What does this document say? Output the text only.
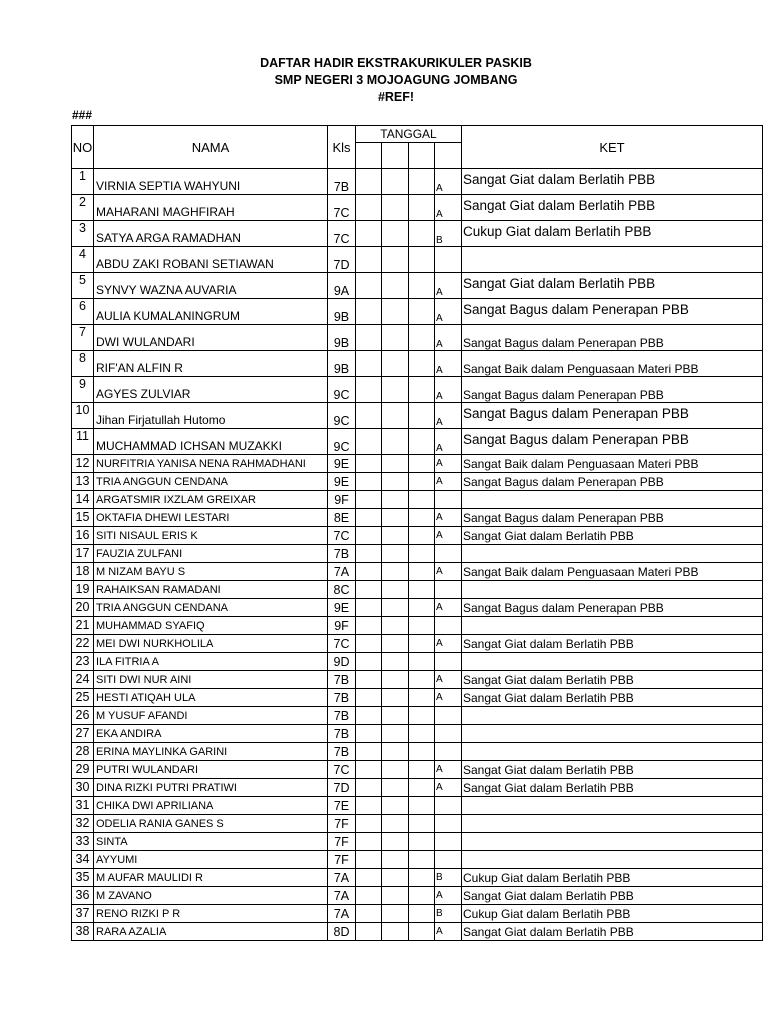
DAFTAR HADIR EKSTRAKURIKULER PASKIB
SMP NEGERI 3 MOJOAGUNG JOMBANG
#REF!
###
NO	NAMA	Kls	TANGGAL				KET

1	VIRNIA SEPTIA WAHYUNI	7B				A	Sangat Giat dalam Berlatih PBB
2	MAHARANI MAGHFIRAH	7C				A	Sangat Giat dalam Berlatih PBB
3	SATYA ARGA RAMADHAN	7C				B	Cukup Giat dalam Berlatih PBB
4	ABDU ZAKI ROBANI SETIAWAN	7D					
5	SYNVY WAZNA AUVARIA	9A				A	Sangat Giat dalam Berlatih PBB
6	AULIA KUMALANINGRUM	9B				A	Sangat Bagus dalam Penerapan PBB
7	DWI WULANDARI	9B				A	Sangat Bagus dalam Penerapan PBB
8	RIF'AN ALFIN R	9B				A	Sangat Baik dalam Penguasaan Materi PBB
9	AGYES ZULVIAR	9C				A	Sangat Bagus dalam Penerapan PBB
10	Jihan Firjatullah Hutomo	9C				A	Sangat Bagus dalam Penerapan PBB
11	MUCHAMMAD ICHSAN MUZAKKI	9C				A	Sangat Bagus dalam Penerapan PBB
12	NURFITRIA YANISA NENA RAHMADHANI	9E				A	Sangat Baik dalam Penguasaan Materi PBB
13	TRIA ANGGUN CENDANA	9E				A	Sangat Bagus dalam Penerapan PBB
14	ARGATSMIR IXZLAM GREIXAR	9F					
15	OKTAFIA DHEWI LESTARI	8E				A	Sangat Bagus dalam Penerapan PBB
16	SITI NISAUL ERIS K	7C				A	Sangat Giat dalam Berlatih PBB
17	FAUZIA ZULFANI	7B					
18	M NIZAM BAYU S	7A				A	Sangat Baik dalam Penguasaan Materi PBB
19	RAHAIKSAN RAMADANI	8C					
20	TRIA ANGGUN CENDANA	9E				A	Sangat Bagus dalam Penerapan PBB
21	MUHAMMAD SYAFIQ	9F					
22	MEI DWI NURKHOLILA	7C				A	Sangat Giat dalam Berlatih PBB
23	ILA FITRIA A	9D					
24	SITI DWI NUR AINI	7B				A	Sangat Giat dalam Berlatih PBB
25	HESTI ATIQAH ULA	7B				A	Sangat Giat dalam Berlatih PBB
26	M YUSUF AFANDI	7B					
27	EKA ANDIRA	7B					
28	ERINA MAYLINKA GARINI	7B					
29	PUTRI WULANDARI	7C				A	Sangat Giat dalam Berlatih PBB
30	DINA RIZKI PUTRI PRATIWI	7D				A	Sangat Giat dalam Berlatih PBB
31	CHIKA DWI APRILIANA	7E					
32	ODELIA RANIA GANES S	7F					
33	SINTA	7F					
34	AYYUMI	7F					
35	M AUFAR MAULIDI R	7A				B	Cukup Giat dalam Berlatih PBB
36	M ZAVANO	7A				A	Sangat Giat dalam Berlatih PBB
37	RENO RIZKI P R	7A				B	Cukup Giat dalam Berlatih PBB
38	RARA AZALIA	8D				A	Sangat Giat dalam Berlatih PBB
